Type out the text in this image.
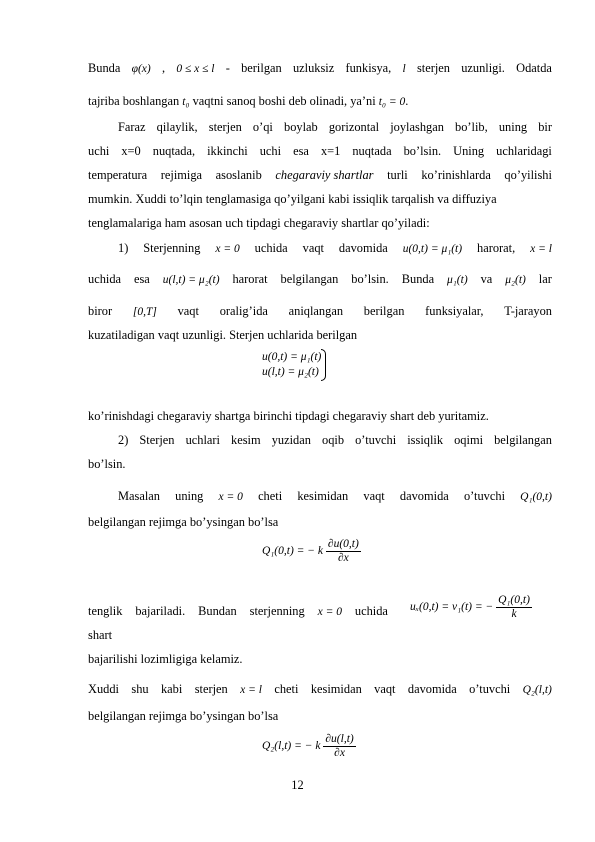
Bunda φ(x) , 0 ≤ x ≤ l - berilgan uzluksiz funkisya, l sterjen uzunligi. Odatda
tajriba boshlangan t₀ vaqtni sanoq boshi deb olinadi, ya’ni t₀ = 0.
Faraz qilaylik, sterjen o’qi boylab gorizontal joylashgan bo’lib, uning bir
uchi x=0 nuqtada, ikkinchi uchi esa x=1 nuqtada bo’lsin. Uning uchlaridagi
temperatura rejimiga asoslanib chegaraviy shartlar turli ko’rinishlarda qo’yilishi
mumkin. Xuddi to’lqin tenglamasiga qo’yilgani kabi issiqlik tarqalish va diffuziya
tenglamalariga ham asosan uch tipdagi chegaraviy shartlar qo’yiladi:
1) Sterjenning x = 0 uchida vaqt davomida u(0,t) = μ₁(t) harorat, x = l
uchida esa u(l,t) = μ₂(t) harorat belgilangan bo’lsin. Bunda μ₁(t) va μ₂(t) lar
biror [0,T] vaqt oralig’ida aniqlangan berilgan funksiyalar, T-jarayon
kuzatiladigan vaqt uzunligi. Sterjen uchlarida berilgan
u(0,t) = μ₁(t)
u(l,t) = μ₂(t)
ko’rinishdagi chegaraviy shartga birinchi tipdagi chegaraviy shart deb yuritamiz.
2) Sterjen uchlari kesim yuzidan oqib o’tuvchi issiqlik oqimi belgilangan
bo’lsin.
Masalan uning x = 0 cheti kesimidan vaqt davomida o’tuvchi Q₁(0,t)
belgilangan rejimga bo’ysingan bo’lsa
Q₁(0,t) = − k $\frac{\partial u(0,t)}{\partial x}$
tenglik bajariladi. Bundan sterjenning x = 0 uchida uₓ(0,t) = ν₁(t) = − $\frac{\text{Q₁(0,t)}}{k}$
shart
bajarilishi lozimligiga kelamiz.
Xuddi shu kabi sterjen x = l cheti kesimidan vaqt davomida o’tuvchi Q₂(l,t)
belgilangan rejimga bo’ysingan bo’lsa
Q₂(l,t) = − k $\frac{\partial u(l,t)}{\partial x}$
12
